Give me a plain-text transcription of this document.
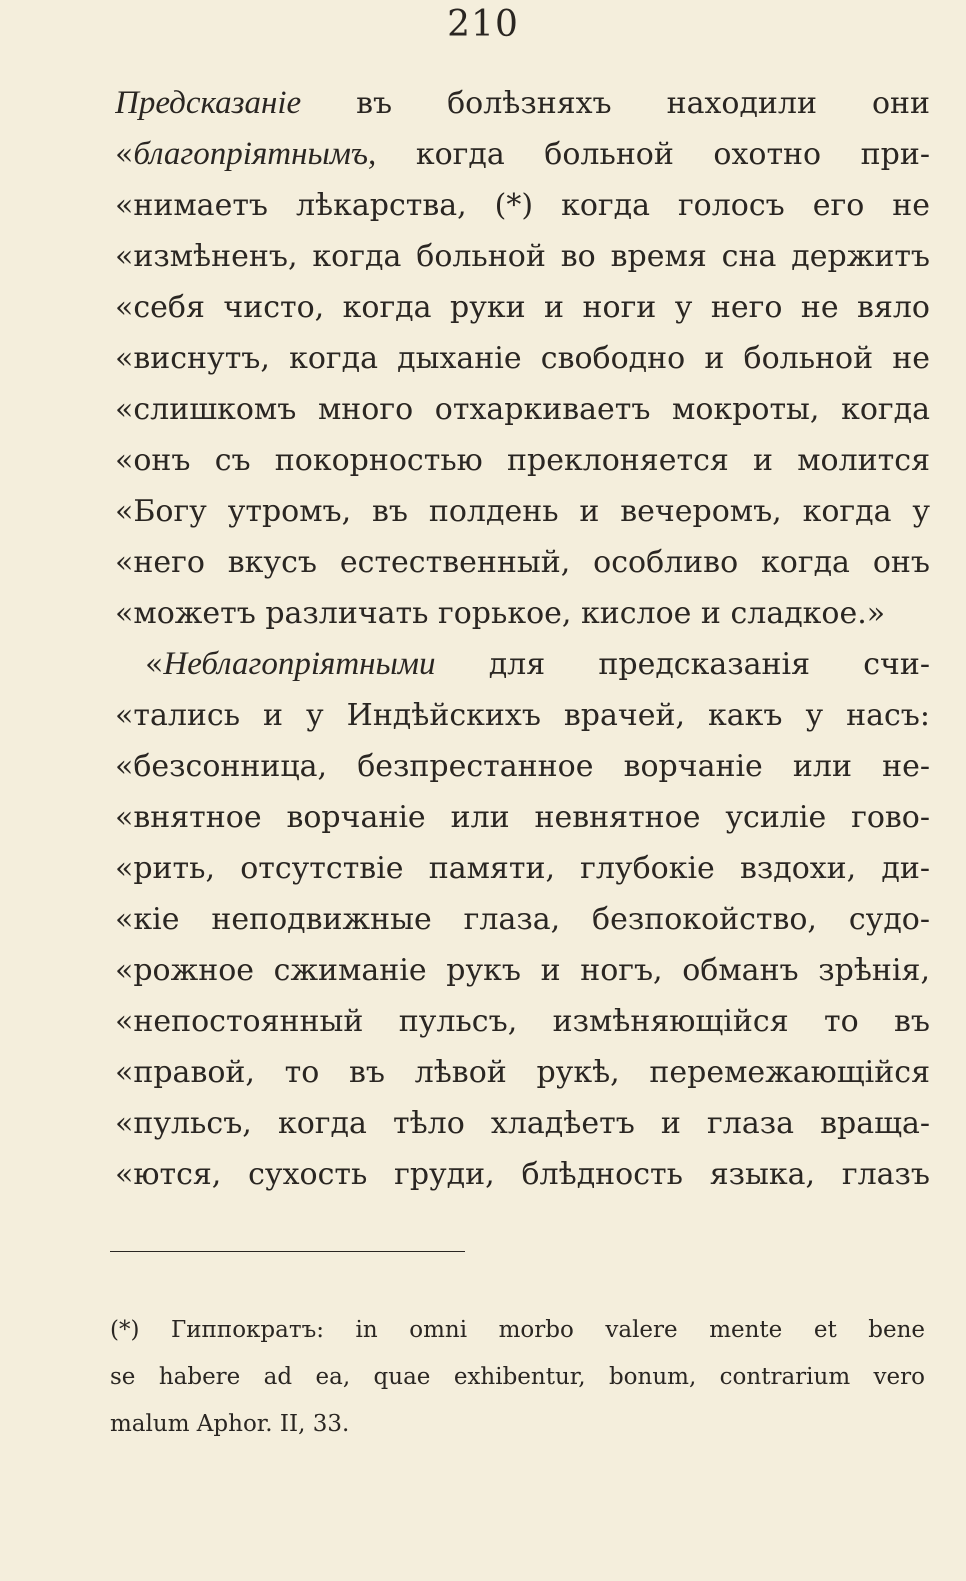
210
Предсказаніе въ болѣзняхъ находили они
«благопріятнымъ, когда больной охотно при-
«нимаетъ лѣкарства, (*) когда голосъ его не
«измѣненъ, когда больной во время сна держитъ
«себя чисто, когда руки и ноги у него не вяло
«виснутъ, когда дыханіе свободно и больной не
«слишкомъ много отхаркиваетъ мокроты, когда
«онъ съ покорностью преклоняется и молится
«Богу утромъ, въ полдень и вечеромъ, когда у
«него вкусъ естественный, особливо когда онъ
«можетъ различать горькое, кислое и сладкое.»
«Неблагопріятными для предсказанія счи-
«тались и у Индѣйскихъ врачей, какъ у насъ:
«безсонница, безпрестанное ворчаніе или не-
«внятное ворчаніе или невнятное усиліе гово-
«рить, отсутствіе памяти, глубокіе вздохи, ди-
«кіе неподвижные глаза, безпокойство, судо-
«рожное сжиманіе рукъ и ногъ, обманъ зрѣнія,
«непостоянный пульсъ, измѣняющійся то въ
«правой, то въ лѣвой рукѣ, перемежающійся
«пульсъ, когда тѣло хладѣетъ и глаза враща-
«ются, сухость груди, блѣдность языка, глазъ
(*) Гиппократъ: in omni morbo valere mente et bene
se habere ad ea, quae exhibentur, bonum, contrarium vero
malum Aphor. II, 33.
